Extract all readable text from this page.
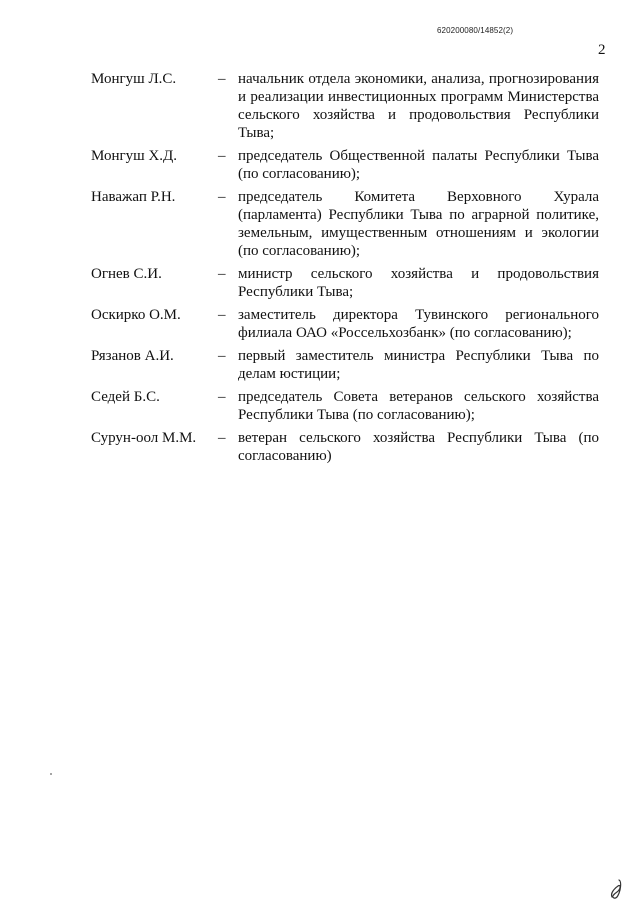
620200080/14852(2)
2
Монгуш Л.С.	– начальник отдела экономики, анализа, прогнозирования и реализации инвестиционных программ Министерства сельского хозяйства и продовольствия Республики Тыва;
Монгуш Х.Д.	– председатель Общественной палаты Республики Тыва (по согласованию);
Наважап Р.Н.	– председатель Комитета Верховного Хурала (парламента) Республики Тыва по аграрной политике, земельным, имущественным отношениям и экологии (по согласованию);
Огнев С.И.	– министр сельского хозяйства и продовольствия Республики Тыва;
Оскирко О.М.	– заместитель директора Тувинского регионального филиала ОАО «Россельхозбанк» (по согласованию);
Рязанов А.И.	– первый заместитель министра Республики Тыва по делам юстиции;
Седей Б.С.	– председатель Совета ветеранов сельского хозяйства Республики Тыва (по согласованию);
Сурун-оол М.М.	– ветеран сельского хозяйства Республики Тыва (по согласованию)
